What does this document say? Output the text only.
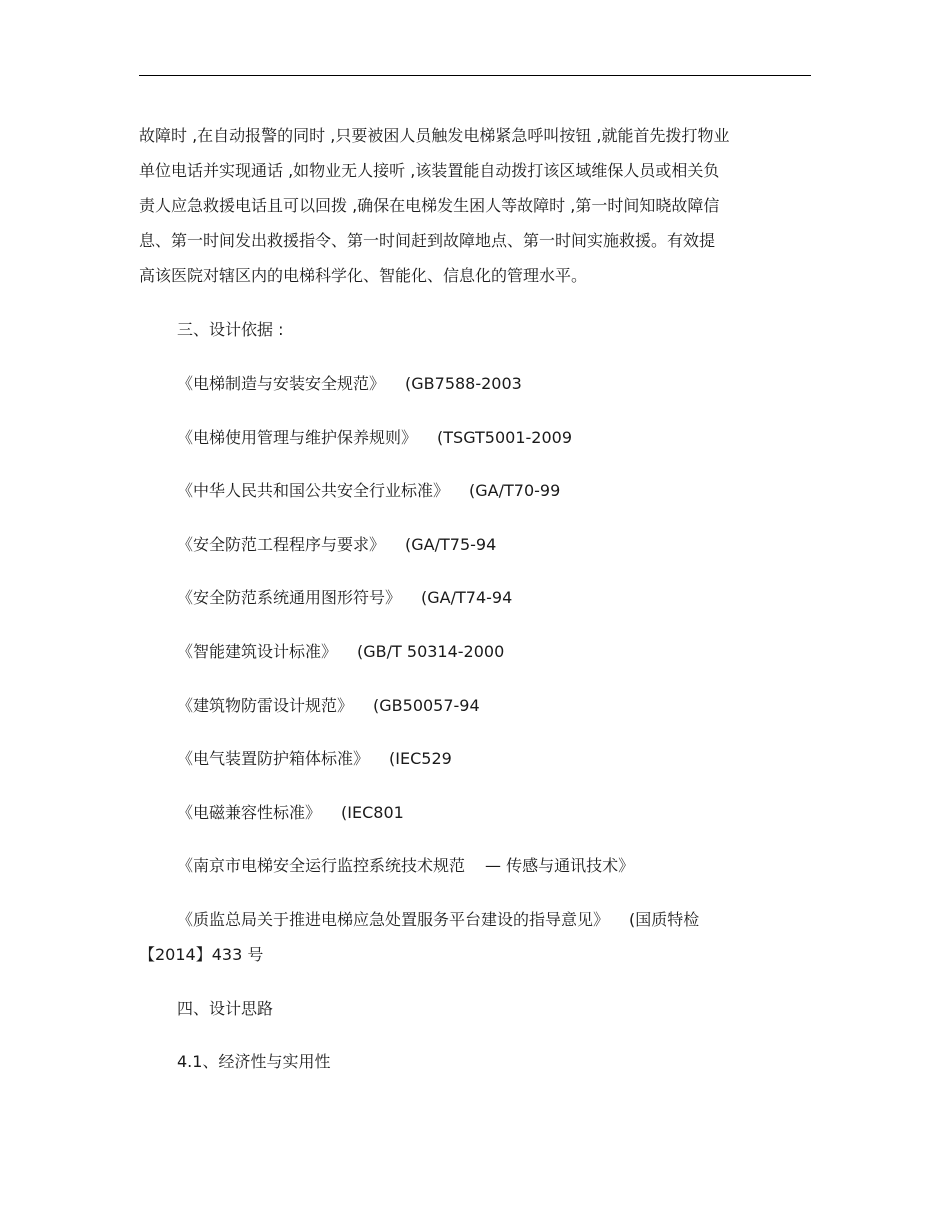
故障时 ,在自动报警的同时 ,只要被困人员触发电梯紧急呼叫按钮 ,就能首先拨打物业
单位电话并实现通话 ,如物业无人接听 ,该装置能自动拨打该区域维保人员或相关负
责人应急救援电话且可以回拨 ,确保在电梯发生困人等故障时 ,第一时间知晓故障信
息、第一时间发出救援指令、第一时间赶到故障地点、第一时间实施救援。有效提
高该医院对辖区内的电梯科学化、智能化、信息化的管理水平。

三、设计依据 :
《电梯制造与安装安全规范》 (GB7588-2003
《电梯使用管理与维护保养规则》 (TSGT5001-2009
《中华人民共和国公共安全行业标准》 (GA/T70-99
《安全防范工程程序与要求》 (GA/T75-94
《安全防范系统通用图形符号》 (GA/T74-94
《智能建筑设计标准》 (GB/T 50314-2000
《建筑物防雷设计规范》 (GB50057-94
《电气装置防护箱体标准》 (IEC529
《电磁兼容性标准》 (IEC801
《南京市电梯安全运行监控系统技术规范 — 传感与通讯技术》
《质监总局关于推进电梯应急处置服务平台建设的指导意见》 (国质特检
【2014】433 号
四、设计思路
4.1、经济性与实用性
